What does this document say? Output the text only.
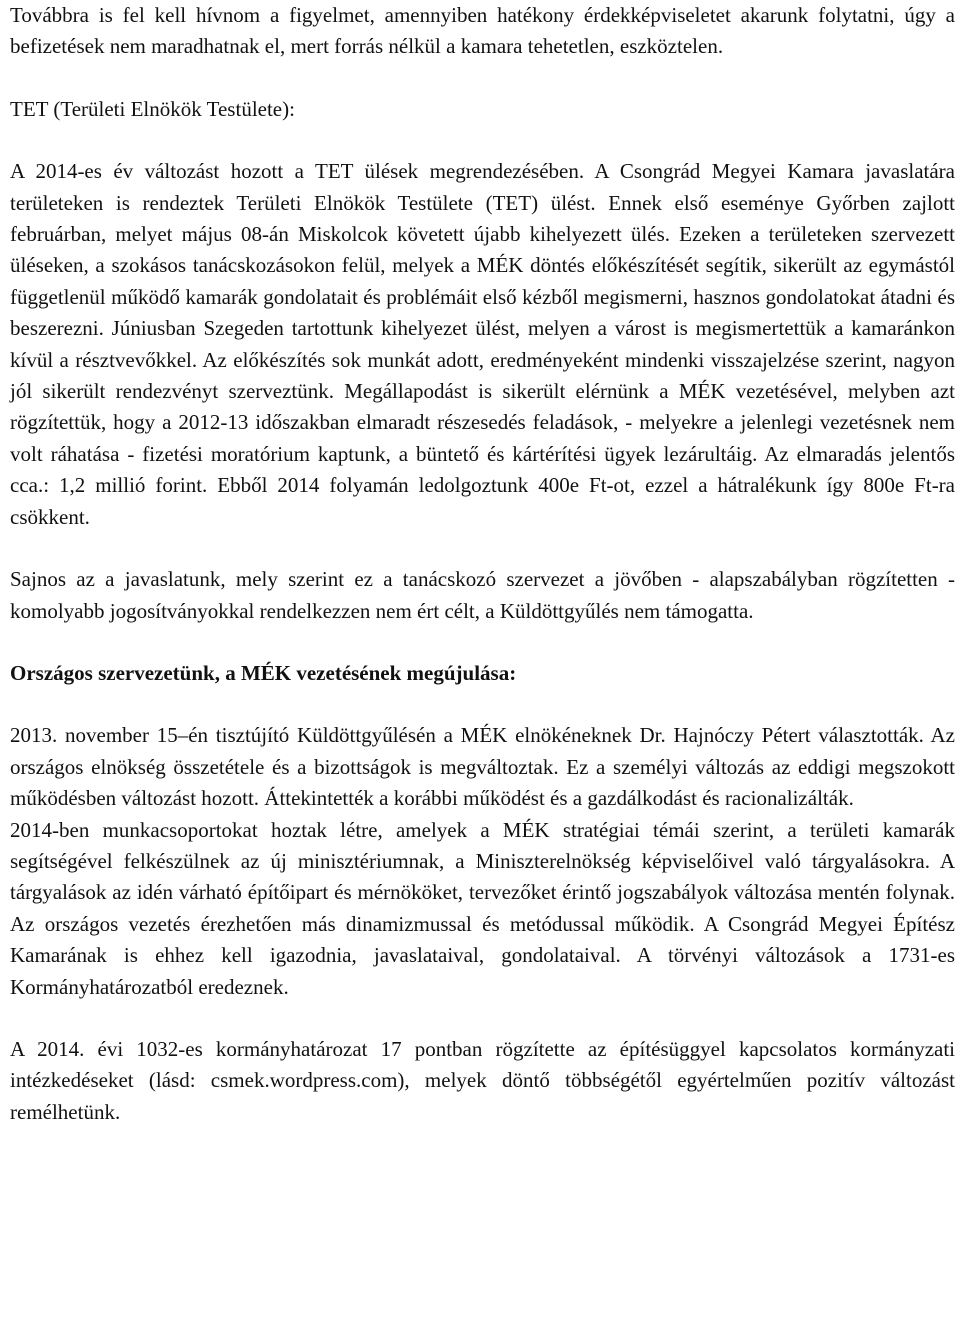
Továbbra is fel kell hívnom a figyelmet, amennyiben hatékony érdekképviseletet akarunk folytatni, úgy a befizetések nem maradhatnak el, mert forrás nélkül a kamara tehetetlen, eszköztelen.

TET (Területi Elnökök Testülete):

A 2014-es év változást hozott a TET ülések megrendezésében. A Csongrád Megyei Kamara javaslatára területeken is rendeztek Területi Elnökök Testülete (TET) ülést. Ennek első eseménye Győrben zajlott februárban, melyet május 08-án Miskolcok követett újabb kihelyezett ülés. Ezeken a területeken szervezett üléseken, a szokásos tanácskozásokon felül, melyek a MÉK döntés előkészítését segítik, sikerült az egymástól függetlenül működő kamarák gondolatait és problémáit első kézből megismerni, hasznos gondolatokat átadni és beszerezni. Júniusban Szegeden tartottunk kihelyezet ülést, melyen a várost is megismertettük a kamaránkon kívül a résztvevőkkel. Az előkészítés sok munkát adott, eredményeként mindenki visszajelzése szerint, nagyon jól sikerült rendezvényt szerveztünk. Megállapodást is sikerült elérnünk a MÉK vezetésével, melyben azt rögzítettük, hogy a 2012-13 időszakban elmaradt részesedés feladások, - melyekre a jelenlegi vezetésnek nem volt ráhatása - fizetési moratórium kaptunk, a büntető és kártérítési ügyek lezárultáig. Az elmaradás jelentős cca.: 1,2 millió forint. Ebből 2014 folyamán ledolgoztunk 400e Ft-ot, ezzel a hátralékunk így 800e Ft-ra csökkent.

Sajnos az a javaslatunk, mely szerint ez a tanácskozó szervezet a jövőben - alapszabályban rögzítetten - komolyabb jogosítványokkal rendelkezzen nem ért célt, a Küldöttgyűlés nem támogatta.

Országos szervezetünk, a MÉK vezetésének megújulása:

2013. november 15–én tisztújító Küldöttgyűlésén a MÉK elnökéneknek Dr. Hajnóczy Pétert választották. Az országos elnökség összetétele és a bizottságok is megváltoztak. Ez a személyi változás az eddigi megszokott működésben változást hozott. Áttekintették a korábbi működést és a gazdálkodást és racionalizálták.

2014-ben munkacsoportokat hoztak létre, amelyek a MÉK stratégiai témái szerint, a területi kamarák segítségével felkészülnek az új minisztériumnak, a Miniszterelnökség képviselőivel való tárgyalásokra. A tárgyalások az idén várható építőipart és mérnököket, tervezőket érintő jogszabályok változása mentén folynak. Az országos vezetés érezhetően más dinamizmussal és metódussal működik. A Csongrád Megyei Építész Kamarának is ehhez kell igazodnia, javaslataival, gondolataival. A törvényi változások a 1731-es Kormányhatározatból eredeznek.

A 2014. évi 1032-es kormányhatározat 17 pontban rögzítette az építésüggyel kapcsolatos kormányzati intézkedéseket (lásd: csmek.wordpress.com), melyek döntő többségétől egyértelműen pozitív változást remélhetünk.
